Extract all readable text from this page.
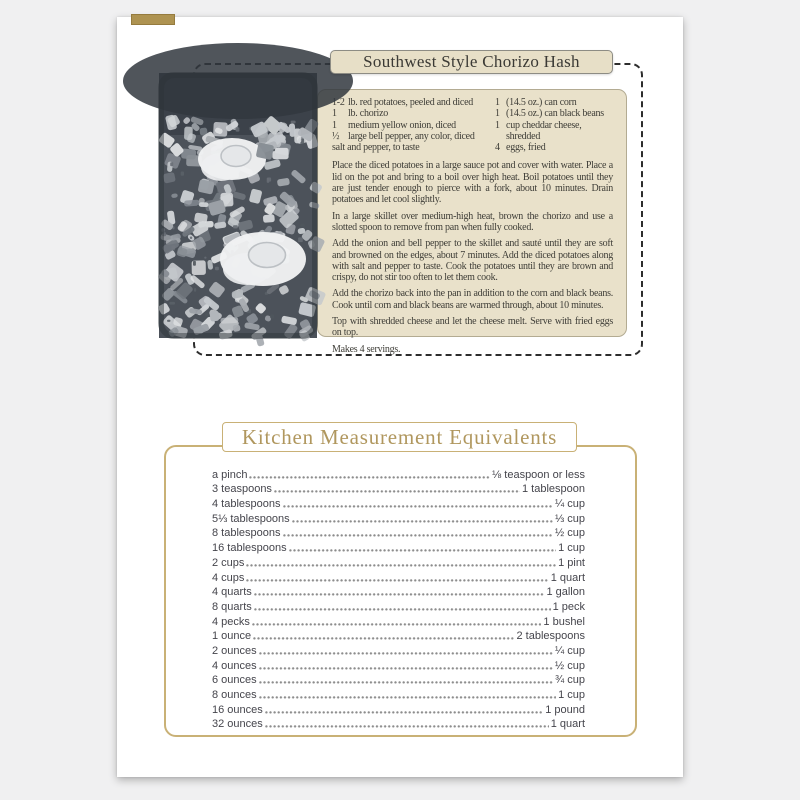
1-2 lb. red potatoes, peeled and diced
1	lb. chorizo
1	medium yellow onion, diced
½ large bell pepper, any color, diced
salt and pepper, to taste
1 (14.5 oz.) can corn
1 (14.5 oz.) can black beans
1 cup cheddar cheese, shredded
4 eggs, fried

Place the diced potatoes in a large sauce pot and cover with water. Place a lid on the pot and bring to a boil over high heat. Boil potatoes until they are just tender enough to pierce with a fork, about 10 minutes. Drain potatoes and let cool slightly.

In a large skillet over medium-high heat, brown the chorizo and use a slotted spoon to remove from pan when fully cooked.

Add the onion and bell pepper to the skillet and sauté until they are soft and browned on the edges, about 7 minutes. Add the diced potatoes along with salt and pepper to taste. Cook the potatoes until they are brown and crispy, do not stir too often to let them cook.

Add the chorizo back into the pan in addition to the corn and black beans. Cook until corn and black beans are warmed through, about 10 minutes.

Top with shredded cheese and let the cheese melt. Serve with fried eggs on top.

Makes 4 servings.

Southwest Style Chorizo Hash
a pinch	⅛ teaspoon or less
3 teaspoons	1 tablespoon
4 tablespoons	¼ cup
5⅓ tablespoons	⅓ cup
8 tablespoons	½ cup
16 tablespoons	1 cup
2 cups	1 pint
4 cups	1 quart
4 quarts	1 gallon
8 quarts	1 peck
4 pecks	1 bushel
1 ounce	2 tablespoons
2 ounces	¼ cup
4 ounces	½ cup
6 ounces	¾ cup
8 ounces	1 cup
16 ounces	1 pound
32 ounces	1 quart
Kitchen Measurement Equivalents
